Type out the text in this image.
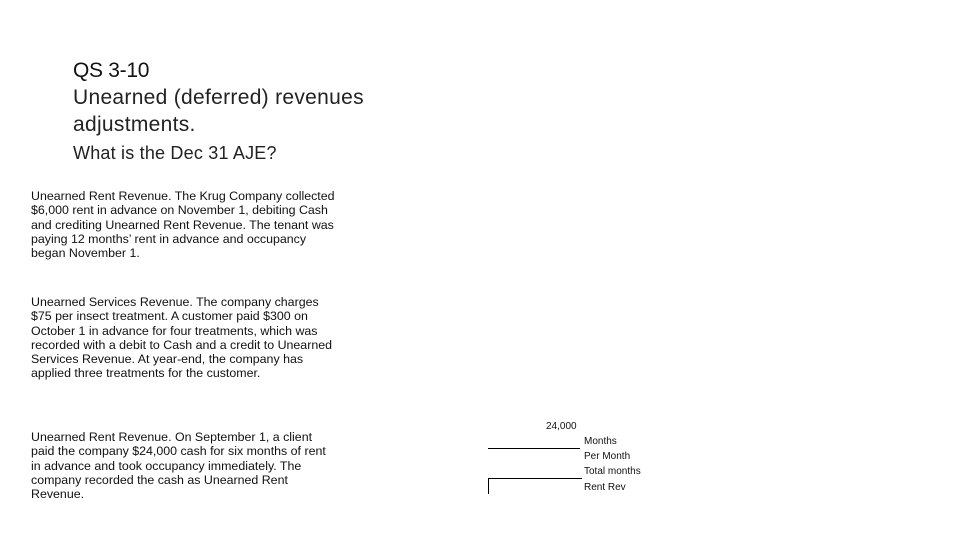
QS 3-10
Unearned (deferred) revenues
adjustments.
What is the Dec 31 AJE?
Unearned Rent Revenue. The Krug Company collected $6,000 rent in advance on November 1, debiting Cash and crediting Unearned Rent Revenue. The tenant was paying 12 months’ rent in advance and occupancy began November 1.
Unearned Services Revenue. The company charges $75 per insect treatment. A customer paid $300 on October 1 in advance for four treatments, which was recorded with a debit to Cash and a credit to Unearned Services Revenue. At year-end, the company has applied three treatments for the customer.
Unearned Rent Revenue. On September 1, a client paid the company $24,000 cash for six months of rent in advance and took occupancy immediately. The company recorded the cash as Unearned Rent Revenue.
24,000
Months
Per Month
Total months
Rent Rev
